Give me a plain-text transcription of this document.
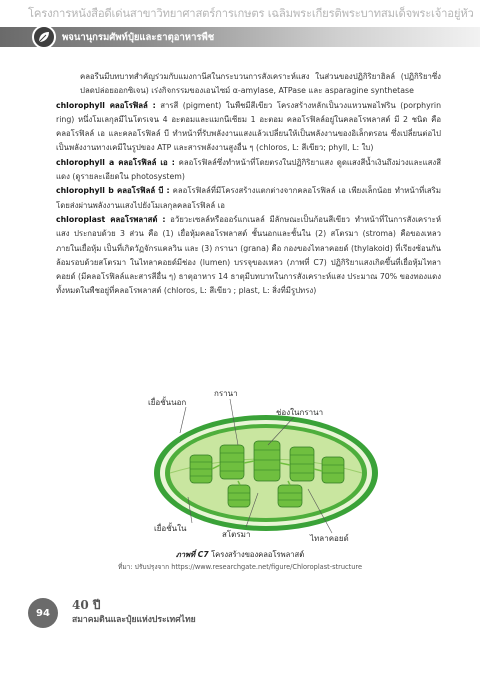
โครงการหนังสือดีเด่นสาขาวิทยาศาสตร์การเกษตร เฉลิมพระเกียรติพระบาทสมเด็จพระเจ้าอยู่หัว
พจนานุกรมศัพท์ปุ๋ยและธาตุอาหารพืช

คลอรีนมีบทบาทสำคัญร่วมกับแมงกานีสในกระบวนการสังเคราะห์แสง ในส่วนของปฏิกิริยาฮิลล์ (ปฏิกิริยาซึ่งปลดปล่อยออกซิเจน) เร่งกิจกรรมของเอนไซม์ α-amylase, ATPase และ asparagine synthetase

chlorophyll คลอโรฟิลล์ : สารสี (pigment) ในพืชมีสีเขียว โครงสร้างหลักเป็นวงแหวนพอไฟริน (porphyrin ring) หนึ่งโมเลกุลมีไนโตรเจน 4 อะตอมและแมกนีเซียม 1 อะตอม คลอโรฟิลล์อยู่ในคลอโรพลาสต์ มี 2 ชนิด คือ คลอโรฟิลล์ เอ และคลอโรฟิลล์ บี ทำหน้าที่รับพลังงานแสงแล้วเปลี่ยนให้เป็นพลังงานของอิเล็กตรอน ซึ่งเปลี่ยนต่อไปเป็นพลังงานทางเคมีในรูปของ ATP และสารพลังงานสูงอื่น ๆ (chloros, L: สีเขียว; phyll, L: ใบ)

chlorophyll a คลอโรฟิลล์ เอ : คลอโรฟิลล์ซึ่งทำหน้าที่โดยตรงในปฏิกิริยาแสง ดูดแสงสีน้ำเงินถึงม่วงและแสงสีแดง (ดูรายละเอียดใน photosystem)

chlorophyll b คลอโรฟิลล์ บี : คลอโรฟิลล์ที่มีโครงสร้างแตกต่างจากคลอโรฟิลล์ เอ เพียงเล็กน้อย ทำหน้าที่เสริม โดยส่งผ่านพลังงานแสงไปยังโมเลกุลคลอโรฟิลล์ เอ

chloroplast คลอโรพลาสต์ : อวัยวะเซลล์หรือออร์แกเนลล์ มีลักษณะเป็นก้อนสีเขียว ทำหน้าที่ในการสังเคราะห์แสง ประกอบด้วย 3 ส่วน คือ (1) เยื่อหุ้มคลอโรพลาสต์ ชั้นนอกและชั้นใน (2) สโตรมา (stroma) คือของเหลวภายในเยื่อหุ้ม เป็นที่เกิดวัฏจักรแคลวิน และ (3) กรานา (grana) คือ กองของไทลาคอยด์ (thylakoid) ที่เรียงซ้อนกัน ล้อมรอบด้วยสโตรมา ในไทลาคอยด์มีช่อง (lumen) บรรจุของเหลว (ภาพที่ C7) ปฏิกิริยาแสงเกิดขึ้นที่เยื่อหุ้มไทลาคอยด์ (มีคลอโรฟิลล์และสารสีอื่น ๆ) ธาตุอาหาร 14 ธาตุมีบทบาทในการสังเคราะห์แสง ประมาณ 70% ของทองแดงทั้งหมดในพืชอยู่ที่คลอโรพลาสต์ (chloros, L: สีเขียว ; plast, L: สิ่งที่มีรูปทรง)

เยื่อชั้นนอก
กรานา
ช่องในกรานา
เยื่อชั้นใน
สโตรมา	ไทลาคอยด์
ภาพที่ C7 โครงสร้างของคลอโรพลาสต์
ที่มา: ปรับปรุงจาก https://www.researchgate.net/figure/Chloroplast-structure
94
40 ปี
สมาคมดินและปุ๋ยแห่งประเทศไทย
